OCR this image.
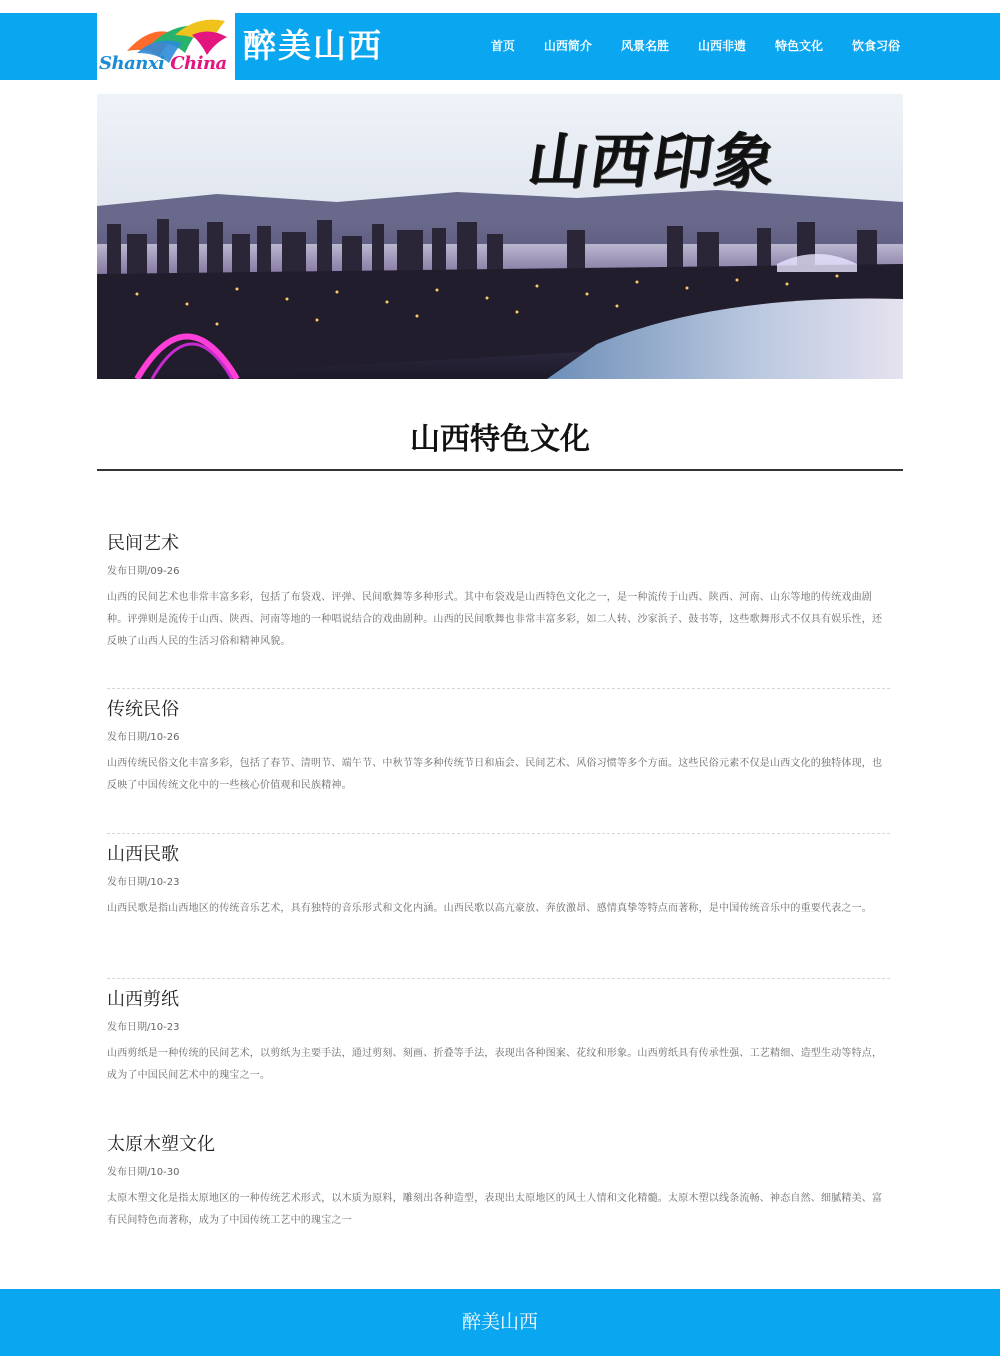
Shanxi China 醉美山西	首页 山西简介 风景名胜 山西非遗 特色文化 饮食习俗
山西印象
山西特色文化
民间艺术
发布日期/09-26
山西的民间艺术也非常丰富多彩，包括了布袋戏、评弹、民间歌舞等多种形式。其中布袋戏是山西特色文化之一，是一种流传于山西、陕西、河南、山东等地的传统戏曲剧种。评弹则是流传于山西、陕西、河南等地的一种唱说结合的戏曲剧种。山西的民间歌舞也非常丰富多彩，如二人转、沙家浜子、鼓书等，这些歌舞形式不仅具有娱乐性，还反映了山西人民的生活习俗和精神风貌。
传统民俗
发布日期/10-26
山西传统民俗文化丰富多彩，包括了春节、清明节、端午节、中秋节等多种传统节日和庙会、民间艺术、风俗习惯等多个方面。这些民俗元素不仅是山西文化的独特体现，也反映了中国传统文化中的一些核心价值观和民族精神。
山西民歌
发布日期/10-23
山西民歌是指山西地区的传统音乐艺术，具有独特的音乐形式和文化内涵。山西民歌以高亢豪放、奔放激昂、感情真挚等特点而著称，是中国传统音乐中的重要代表之一。
山西剪纸
发布日期/10-23
山西剪纸是一种传统的民间艺术，以剪纸为主要手法，通过剪刻、刻画、折叠等手法，表现出各种图案、花纹和形象。山西剪纸具有传承性强、工艺精细、造型生动等特点，成为了中国民间艺术中的瑰宝之一。
太原木塑文化
发布日期/10-30
太原木塑文化是指太原地区的一种传统艺术形式，以木质为原料，雕刻出各种造型，表现出太原地区的风土人情和文化精髓。太原木塑以线条流畅、神态自然、细腻精美、富有民间特色而著称，成为了中国传统工艺中的瑰宝之一
醉美山西
